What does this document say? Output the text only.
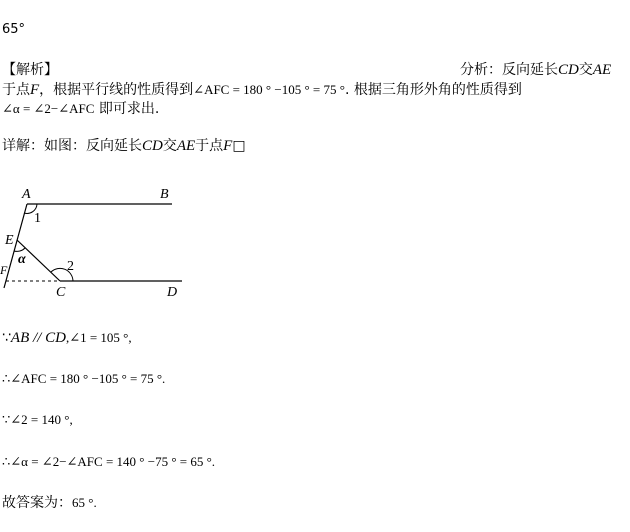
65°
【解析】	分析：反向延长CD交AE
于点F，根据平行线的性质得到∠AFC = 180 ° −105 ° = 75 °. 根据三角形外角的性质得到
∠α = ∠2−∠AFC 即可求出.
详解：如图：反向延长CD交AE于点F□
A	B
E
F
C	D
1
2
α
∵AB // CD,∠1 = 105 °,
∴∠AFC = 180 ° −105 ° = 75 °.
∵∠2 = 140 °,
∴∠α = ∠2−∠AFC = 140 ° −75 ° = 65 °.
故答案为：65 °.
